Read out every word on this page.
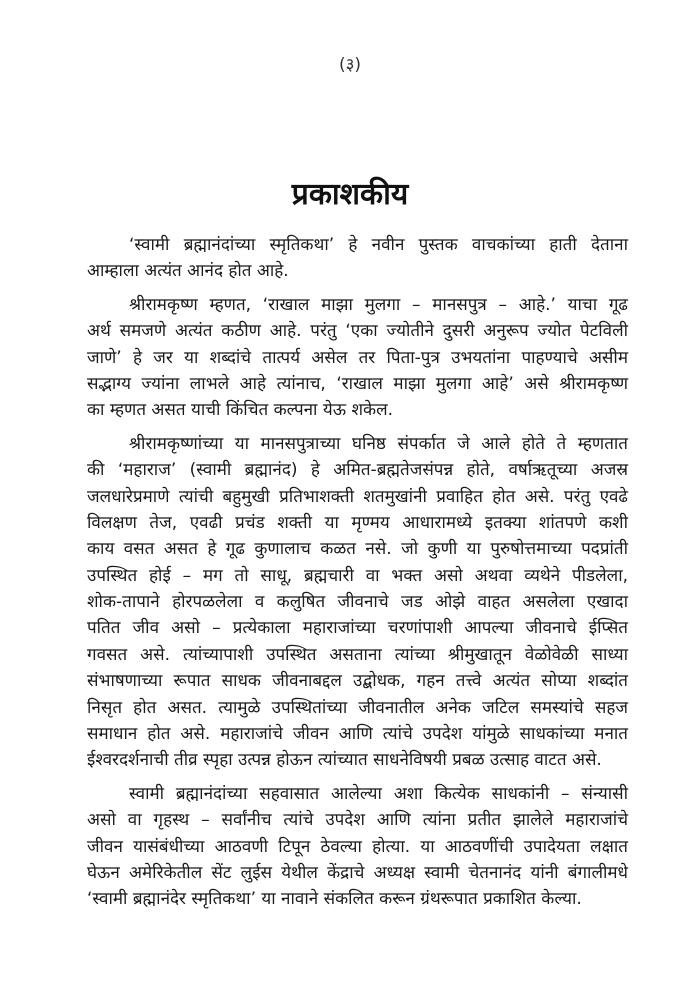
(३)
प्रकाशकीय
‘स्वामी ब्रह्मानंदांच्या स्मृतिकथा’ हे नवीन पुस्तक वाचकांच्या हाती देताना
आम्हाला अत्यंत आनंद होत आहे.
श्रीरामकृष्ण म्हणत, ‘राखाल माझा मुलगा – मानसपुत्र – आहे.’ याचा गूढ
अर्थ समजणे अत्यंत कठीण आहे. परंतु ‘एका ज्योतीने दुसरी अनुरूप ज्योत पेटविली
जाणे’ हे जर या शब्दांचे तात्पर्य असेल तर पिता-पुत्र उभयतांना पाहण्याचे असीम
सद्भाग्य ज्यांना लाभले आहे त्यांनाच, ‘राखाल माझा मुलगा आहे’ असे श्रीरामकृष्ण
का म्हणत असत याची किंचित कल्पना येऊ शकेल.
श्रीरामकृष्णांच्या या मानसपुत्राच्या घनिष्ठ संपर्कात जे आले होते ते म्हणतात
की ‘महाराज’ (स्वामी ब्रह्मानंद) हे अमित-ब्रह्मतेजसंपन्न होते, वर्षाऋतूच्या अजस्र
जलधारेप्रमाणे त्यांची बहुमुखी प्रतिभाशक्ती शतमुखांनी प्रवाहित होत असे. परंतु एवढे
विलक्षण तेज, एवढी प्रचंड शक्ती या मृण्मय आधारामध्ये इतक्या शांतपणे कशी
काय वसत असत हे गूढ कुणालाच कळत नसे. जो कुणी या पुरुषोत्तमाच्या पदप्रांती
उपस्थित होई – मग तो साधू, ब्रह्मचारी वा भक्त असो अथवा व्यथेने पीडलेला,
शोक-तापाने होरपळलेला व कलुषित जीवनाचे जड ओझे वाहत असलेला एखादा
पतित जीव असो – प्रत्येकाला महाराजांच्या चरणांपाशी आपल्या जीवनाचे ईप्सित
गवसत असे. त्यांच्यापाशी उपस्थित असताना त्यांच्या श्रीमुखातून वेळोवेळी साध्या
संभाषणाच्या रूपात साधक जीवनाबद्दल उद्बोधक, गहन तत्त्वे अत्यंत सोप्या शब्दांत
निसृत होत असत. त्यामुळे उपस्थितांच्या जीवनातील अनेक जटिल समस्यांचे सहज
समाधान होत असे. महाराजांचे जीवन आणि त्यांचे उपदेश यांमुळे साधकांच्या मनात
ईश्वरदर्शनाची तीव्र स्पृहा उत्पन्न होऊन त्यांच्यात साधनेविषयी प्रबळ उत्साह वाटत असे.
स्वामी ब्रह्मानंदांच्या सहवासात आलेल्या अशा कित्येक साधकांनी – संन्यासी
असो वा गृहस्थ – सर्वांनीच त्यांचे उपदेश आणि त्यांना प्रतीत झालेले महाराजांचे
जीवन यासंबंधीच्या आठवणी टिपून ठेवल्या होत्या. या आठवणींची उपादेयता लक्षात
घेऊन अमेरिकेतील सेंट लुईस येथील केंद्राचे अध्यक्ष स्वामी चेतनानंद यांनी बंगालीमधे
‘स्वामी ब्रह्मानंदेर स्मृतिकथा’ या नावाने संकलित करून ग्रंथरूपात प्रकाशित केल्या.
